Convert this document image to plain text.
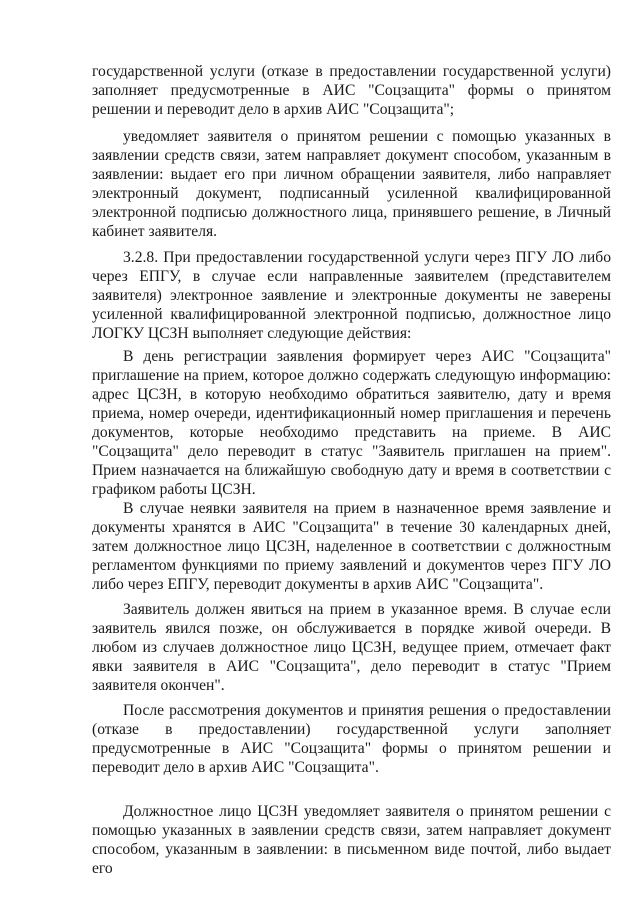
государственной услуги (отказе в предоставлении государственной услуги) заполняет предусмотренные в АИС "Соцзащита" формы о принятом решении и переводит дело в архив АИС "Соцзащита";

уведомляет заявителя о принятом решении с помощью указанных в заявлении средств связи, затем направляет документ способом, указанным в заявлении: выдает его при личном обращении заявителя, либо направляет электронный документ, подписанный усиленной квалифицированной электронной подписью должностного лица, принявшего решение, в Личный кабинет заявителя.

3.2.8. При предоставлении государственной услуги через ПГУ ЛО либо через ЕПГУ, в случае если направленные заявителем (представителем заявителя) электронное заявление и электронные документы не заверены усиленной квалифицированной электронной подписью, должностное лицо ЛОГКУ ЦСЗН выполняет следующие действия:

В день регистрации заявления формирует через АИС "Соцзащита" приглашение на прием, которое должно содержать следующую информацию: адрес ЦСЗН, в которую необходимо обратиться заявителю, дату и время приема, номер очереди, идентификационный номер приглашения и перечень документов, которые необходимо представить на приеме. В АИС "Соцзащита" дело переводит в статус "Заявитель приглашен на прием". Прием назначается на ближайшую свободную дату и время в соответствии с графиком работы ЦСЗН.

В случае неявки заявителя на прием в назначенное время заявление и документы хранятся в АИС "Соцзащита" в течение 30 календарных дней, затем должностное лицо ЦСЗН, наделенное в соответствии с должностным регламентом функциями по приему заявлений и документов через ПГУ ЛО либо через ЕПГУ, переводит документы в архив АИС "Соцзащита".

Заявитель должен явиться на прием в указанное время. В случае если заявитель явился позже, он обслуживается в порядке живой очереди. В любом из случаев должностное лицо ЦСЗН, ведущее прием, отмечает факт явки заявителя в АИС "Соцзащита", дело переводит в статус "Прием заявителя окончен".

После рассмотрения документов и принятия решения о предоставлении (отказе в предоставлении) государственной услуги заполняет предусмотренные в АИС "Соцзащита" формы о принятом решении и переводит дело в архив АИС "Соцзащита".

Должностное лицо ЦСЗН уведомляет заявителя о принятом решении с помощью указанных в заявлении средств связи, затем направляет документ способом, указанным в заявлении: в письменном виде почтой, либо выдает его
